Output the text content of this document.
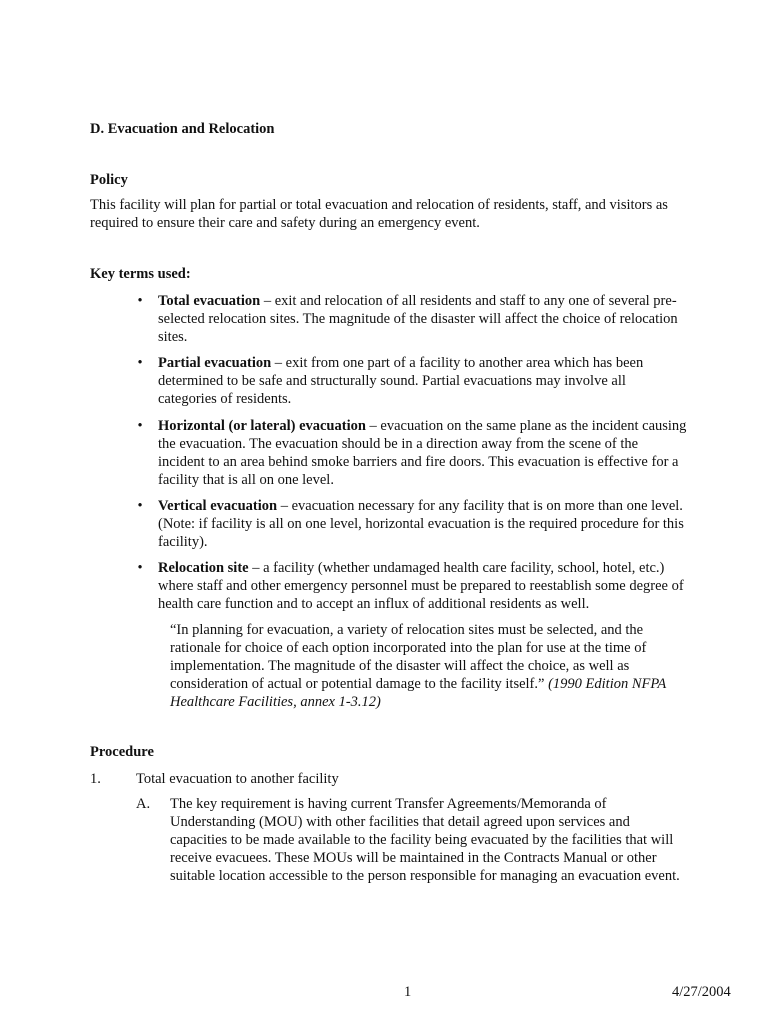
D. Evacuation and Relocation
Policy
This facility will plan for partial or total evacuation and relocation of residents, staff, and visitors as required to ensure their care and safety during an emergency event.
Key terms used:
•	Total evacuation – exit and relocation of all residents and staff to any one of several pre-selected relocation sites. The magnitude of the disaster will affect the choice of relocation sites.
•	Partial evacuation – exit from one part of a facility to another area which has been determined to be safe and structurally sound. Partial evacuations may involve all categories of residents.
•	Horizontal (or lateral) evacuation – evacuation on the same plane as the incident causing the evacuation. The evacuation should be in a direction away from the scene of the incident to an area behind smoke barriers and fire doors. This evacuation is effective for a facility that is all on one level.
•	Vertical evacuation – evacuation necessary for any facility that is on more than one level. (Note: if facility is all on one level, horizontal evacuation is the required procedure for this facility).
•	Relocation site – a facility (whether undamaged health care facility, school, hotel, etc.) where staff and other emergency personnel must be prepared to reestablish some degree of health care function and to accept an influx of additional residents as well.
“In planning for evacuation, a variety of relocation sites must be selected, and the rationale for choice of each option incorporated into the plan for use at the time of implementation. The magnitude of the disaster will affect the choice, as well as consideration of actual or potential damage to the facility itself.” (1990 Edition NFPA Healthcare Facilities, annex 1-3.12)
Procedure
1. Total evacuation to another facility
A. The key requirement is having current Transfer Agreements/Memoranda of Understanding (MOU) with other facilities that detail agreed upon services and capacities to be made available to the facility being evacuated by the facilities that will receive evacuees. These MOUs will be maintained in the Contracts Manual or other suitable location accessible to the person responsible for managing an evacuation event.
1	4/27/2004
